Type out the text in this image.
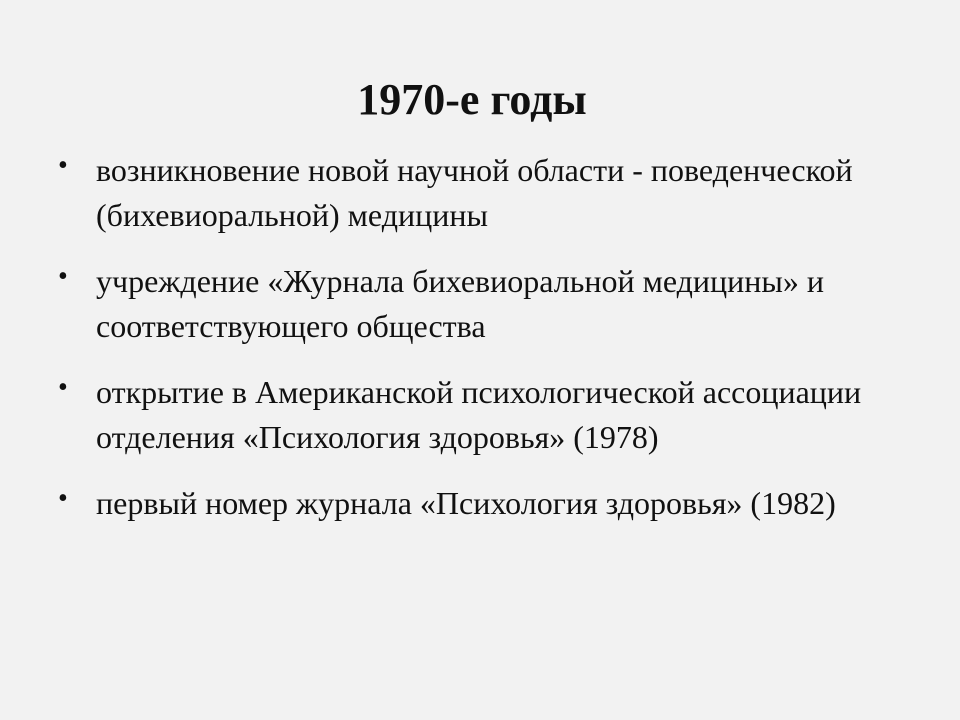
1970-е годы
• возникновение новой научной области - поведенческой (бихевиоральной) медицины
• учреждение «Журнала бихевиоральной медицины» и соответствующего общества
• открытие в Американской психологической ассоциации отделения «Психология здоровья» (1978)
• первый номер журнала «Психология здоровья» (1982)
